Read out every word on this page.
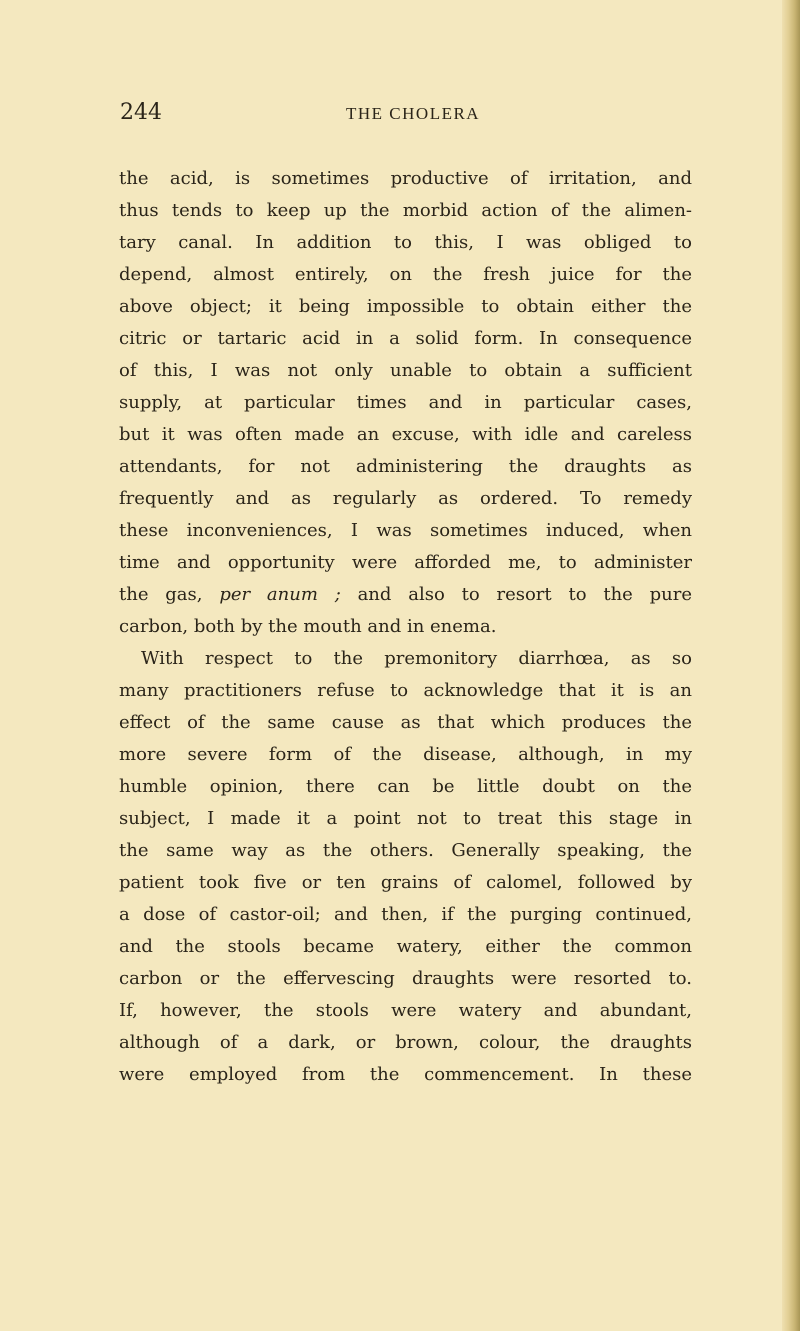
244	THE CHOLERA
the acid, is sometimes productive of irritation, and
thus tends to keep up the morbid action of the alimen-
tary canal. In addition to this, I was obliged to
depend, almost entirely, on the fresh juice for the
above object; it being impossible to obtain either the
citric or tartaric acid in a solid form. In consequence
of this, I was not only unable to obtain a sufficient
supply, at particular times and in particular cases,
but it was often made an excuse, with idle and careless
attendants, for not administering the draughts as
frequently and as regularly as ordered. To remedy
these inconveniences, I was sometimes induced, when
time and opportunity were afforded me, to administer
the gas, per anum ; and also to resort to the pure
carbon, both by the mouth and in enema.
With respect to the premonitory diarrhœa, as so
many practitioners refuse to acknowledge that it is an
effect of the same cause as that which produces the
more severe form of the disease, although, in my
humble opinion, there can be little doubt on the
subject, I made it a point not to treat this stage in
the same way as the others. Generally speaking, the
patient took five or ten grains of calomel, followed by
a dose of castor-oil; and then, if the purging continued,
and the stools became watery, either the common
carbon or the effervescing draughts were resorted to.
If, however, the stools were watery and abundant,
although of a dark, or brown, colour, the draughts
were employed from the commencement. In these
